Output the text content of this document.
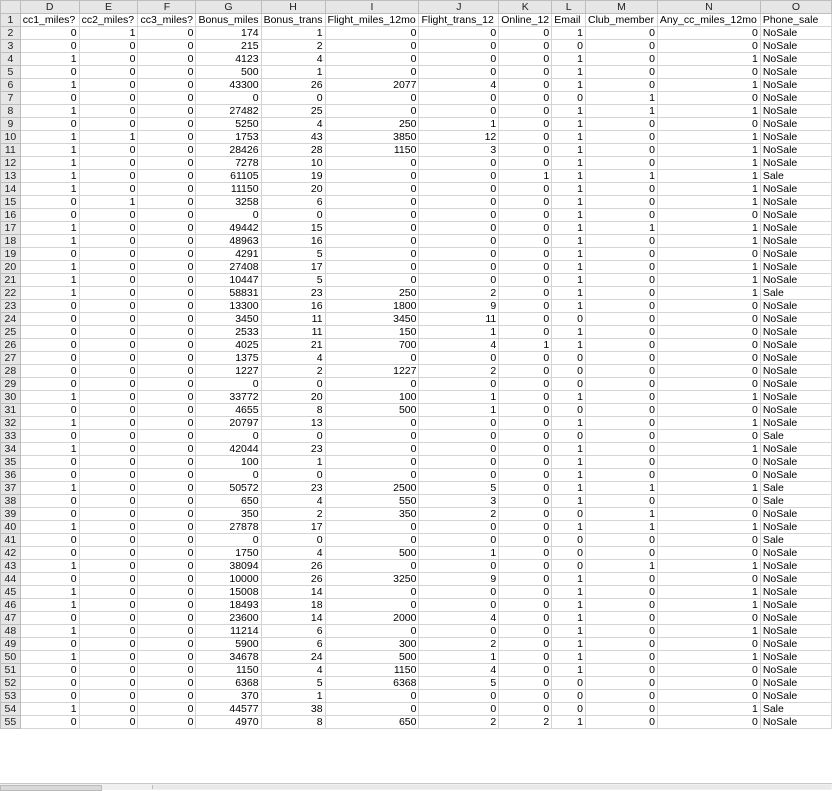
	D	E	F	G	H	I	J	K	L	M	N	O
1	cc1_miles?	cc2_miles?	cc3_miles?	Bonus_miles	Bonus_trans	Flight_miles_12mo	Flight_trans_12	Online_12	Email	Club_member	Any_cc_miles_12mo	Phone_sale
2	0	1	0	174	1	0	0	0	1	0	0	NoSale
3	0	0	0	215	2	0	0	0	0	0	0	NoSale
4	1	0	0	4123	4	0	0	0	1	0	1	NoSale
5	0	0	0	500	1	0	0	0	1	0	0	NoSale
6	1	0	0	43300	26	2077	4	0	1	0	1	NoSale
7	0	0	0	0	0	0	0	0	0	1	0	NoSale
8	1	0	0	27482	25	0	0	0	1	1	1	NoSale
9	0	0	0	5250	4	250	1	0	1	0	0	NoSale
10	1	1	0	1753	43	3850	12	0	1	0	1	NoSale
11	1	0	0	28426	28	1150	3	0	1	0	1	NoSale
12	1	0	0	7278	10	0	0	0	1	0	1	NoSale
13	1	0	0	61105	19	0	0	1	1	1	1	Sale
14	1	0	0	11150	20	0	0	0	1	0	1	NoSale
15	0	1	0	3258	6	0	0	0	1	0	1	NoSale
16	0	0	0	0	0	0	0	0	1	0	0	NoSale
17	1	0	0	49442	15	0	0	0	1	1	1	NoSale
18	1	0	0	48963	16	0	0	0	1	0	1	NoSale
19	0	0	0	4291	5	0	0	0	1	0	0	NoSale
20	1	0	0	27408	17	0	0	0	1	0	1	NoSale
21	1	0	0	10447	5	0	0	0	1	0	1	NoSale
22	1	0	0	58831	23	250	2	0	1	0	1	Sale
23	0	0	0	13300	16	1800	9	0	1	0	0	NoSale
24	0	0	0	3450	11	3450	11	0	0	0	0	NoSale
25	0	0	0	2533	11	150	1	0	1	0	0	NoSale
26	0	0	0	4025	21	700	4	1	1	0	0	NoSale
27	0	0	0	1375	4	0	0	0	0	0	0	NoSale
28	0	0	0	1227	2	1227	2	0	0	0	0	NoSale
29	0	0	0	0	0	0	0	0	0	0	0	NoSale
30	1	0	0	33772	20	100	1	0	1	0	1	NoSale
31	0	0	0	4655	8	500	1	0	0	0	0	NoSale
32	1	0	0	20797	13	0	0	0	1	0	1	NoSale
33	0	0	0	0	0	0	0	0	0	0	0	Sale
34	1	0	0	42044	23	0	0	0	1	0	1	NoSale
35	0	0	0	100	1	0	0	0	1	0	0	NoSale
36	0	0	0	0	0	0	0	0	1	0	0	NoSale
37	1	0	0	50572	23	2500	5	0	1	1	1	Sale
38	0	0	0	650	4	550	3	0	1	0	0	Sale
39	0	0	0	350	2	350	2	0	0	1	0	NoSale
40	1	0	0	27878	17	0	0	0	1	1	1	NoSale
41	0	0	0	0	0	0	0	0	0	0	0	Sale
42	0	0	0	1750	4	500	1	0	0	0	0	NoSale
43	1	0	0	38094	26	0	0	0	0	1	1	NoSale
44	0	0	0	10000	26	3250	9	0	1	0	0	NoSale
45	1	0	0	15008	14	0	0	0	1	0	1	NoSale
46	1	0	0	18493	18	0	0	0	1	0	1	NoSale
47	0	0	0	23600	14	2000	4	0	1	0	0	NoSale
48	1	0	0	11214	6	0	0	0	1	0	1	NoSale
49	0	0	0	5900	6	300	2	0	1	0	0	NoSale
50	1	0	0	34678	24	500	1	0	1	0	1	NoSale
51	0	0	0	1150	4	1150	4	0	1	0	0	NoSale
52	0	0	0	6368	5	6368	5	0	0	0	0	NoSale
53	0	0	0	370	1	0	0	0	0	0	0	NoSale
54	1	0	0	44577	38	0	0	0	0	0	1	Sale
55	0	0	0	4970	8	650	2	2	1	0	0	NoSale
